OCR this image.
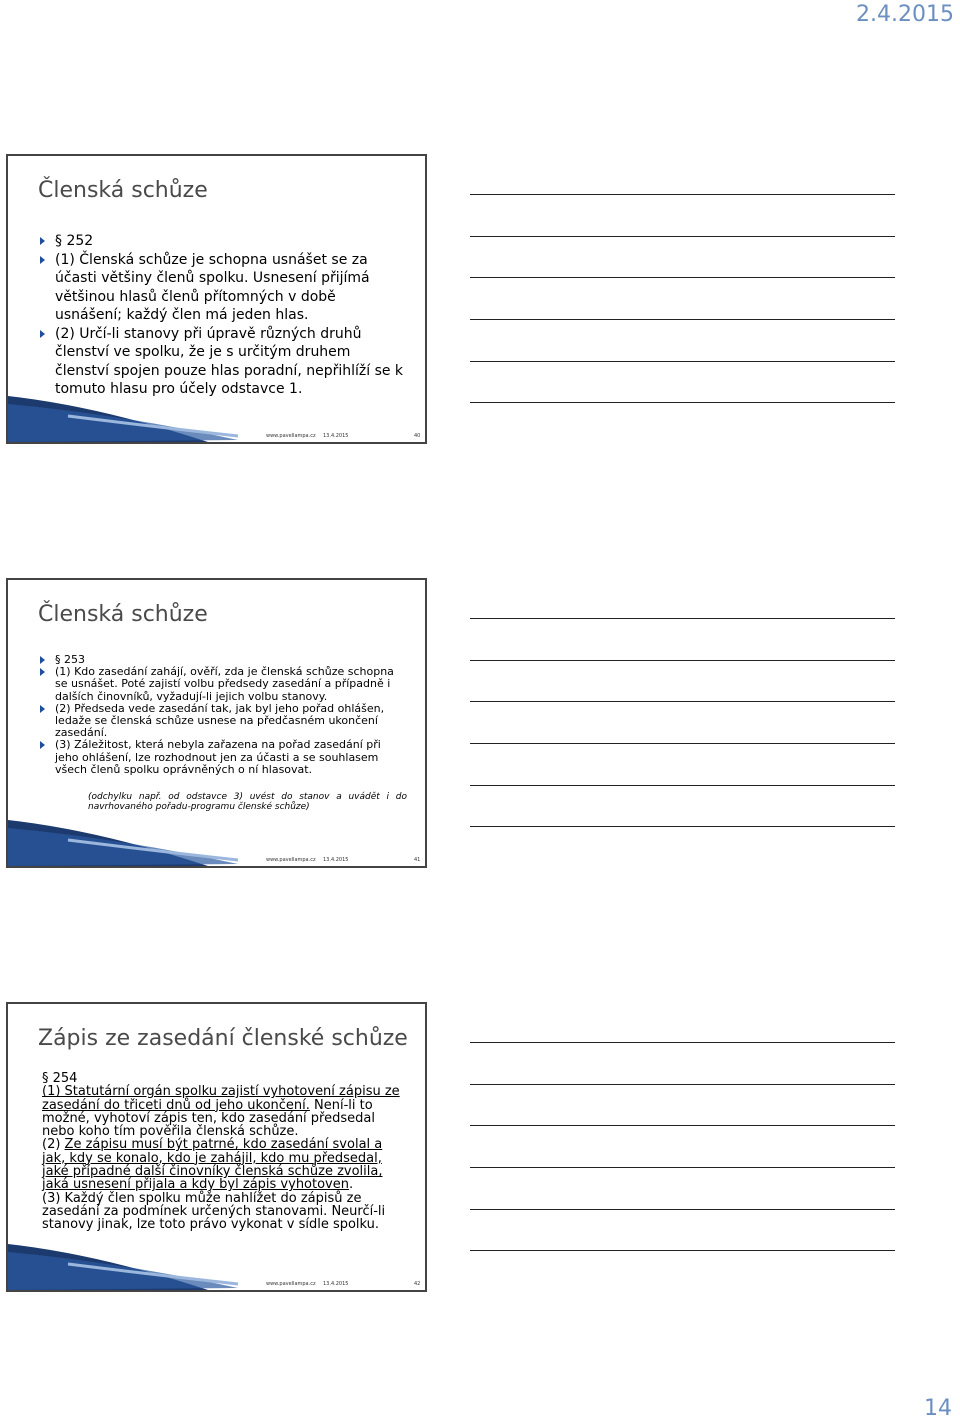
2.4.2015
Členská schůze
§ 252
(1) Členská schůze je schopna usnášet se za účasti většiny členů spolku. Usnesení přijímá většinou hlasů členů přítomných v době usnášení; každý člen má jeden hlas.
(2) Určí-li stanovy při úpravě různých druhů členství ve spolku, že je s určitým druhem členství spojen pouze hlas poradní, nepřihlíží se k tomuto hlasu pro účely odstavce 1.
www.pavellampa.cz 13.4.2015	40
Členská schůze
§ 253
(1) Kdo zasedání zahájí, ověří, zda je členská schůze schopna se usnášet. Poté zajistí volbu předsedy zasedání a případně i dalších činovníků, vyžadují-li jejich volbu stanovy.
(2) Předseda vede zasedání tak, jak byl jeho pořad ohlášen, ledaže se členská schůze usnese na předčasném ukončení zasedání.
(3) Záležitost, která nebyla zařazena na pořad zasedání při jeho ohlášení, lze rozhodnout jen za účasti a se souhlasem všech členů spolku oprávněných o ní hlasovat.
(odchylku např. od odstavce 3) uvést do stanov a uvádět i do navrhovaného pořadu-programu členské schůze)
www.pavellampa.cz 13.4.2015	41
Zápis ze zasedání členské schůze
§ 254
(1) Statutární orgán spolku zajistí vyhotovení zápisu ze zasedání do třiceti dnů od jeho ukončení. Není-li to možné, vyhotoví zápis ten, kdo zasedání předsedal nebo koho tím pověřila členská schůze.
(2) Ze zápisu musí být patrné, kdo zasedání svolal a jak, kdy se konalo, kdo je zahájil, kdo mu předsedal, jaké případné další činovníky členská schůze zvolila, jaká usnesení přijala a kdy byl zápis vyhotoven.
(3) Každý člen spolku může nahlížet do zápisů ze zasedání za podmínek určených stanovami. Neurčí-li stanovy jinak, lze toto právo vykonat v sídle spolku.
www.pavellampa.cz 13.4.2015	42
14
